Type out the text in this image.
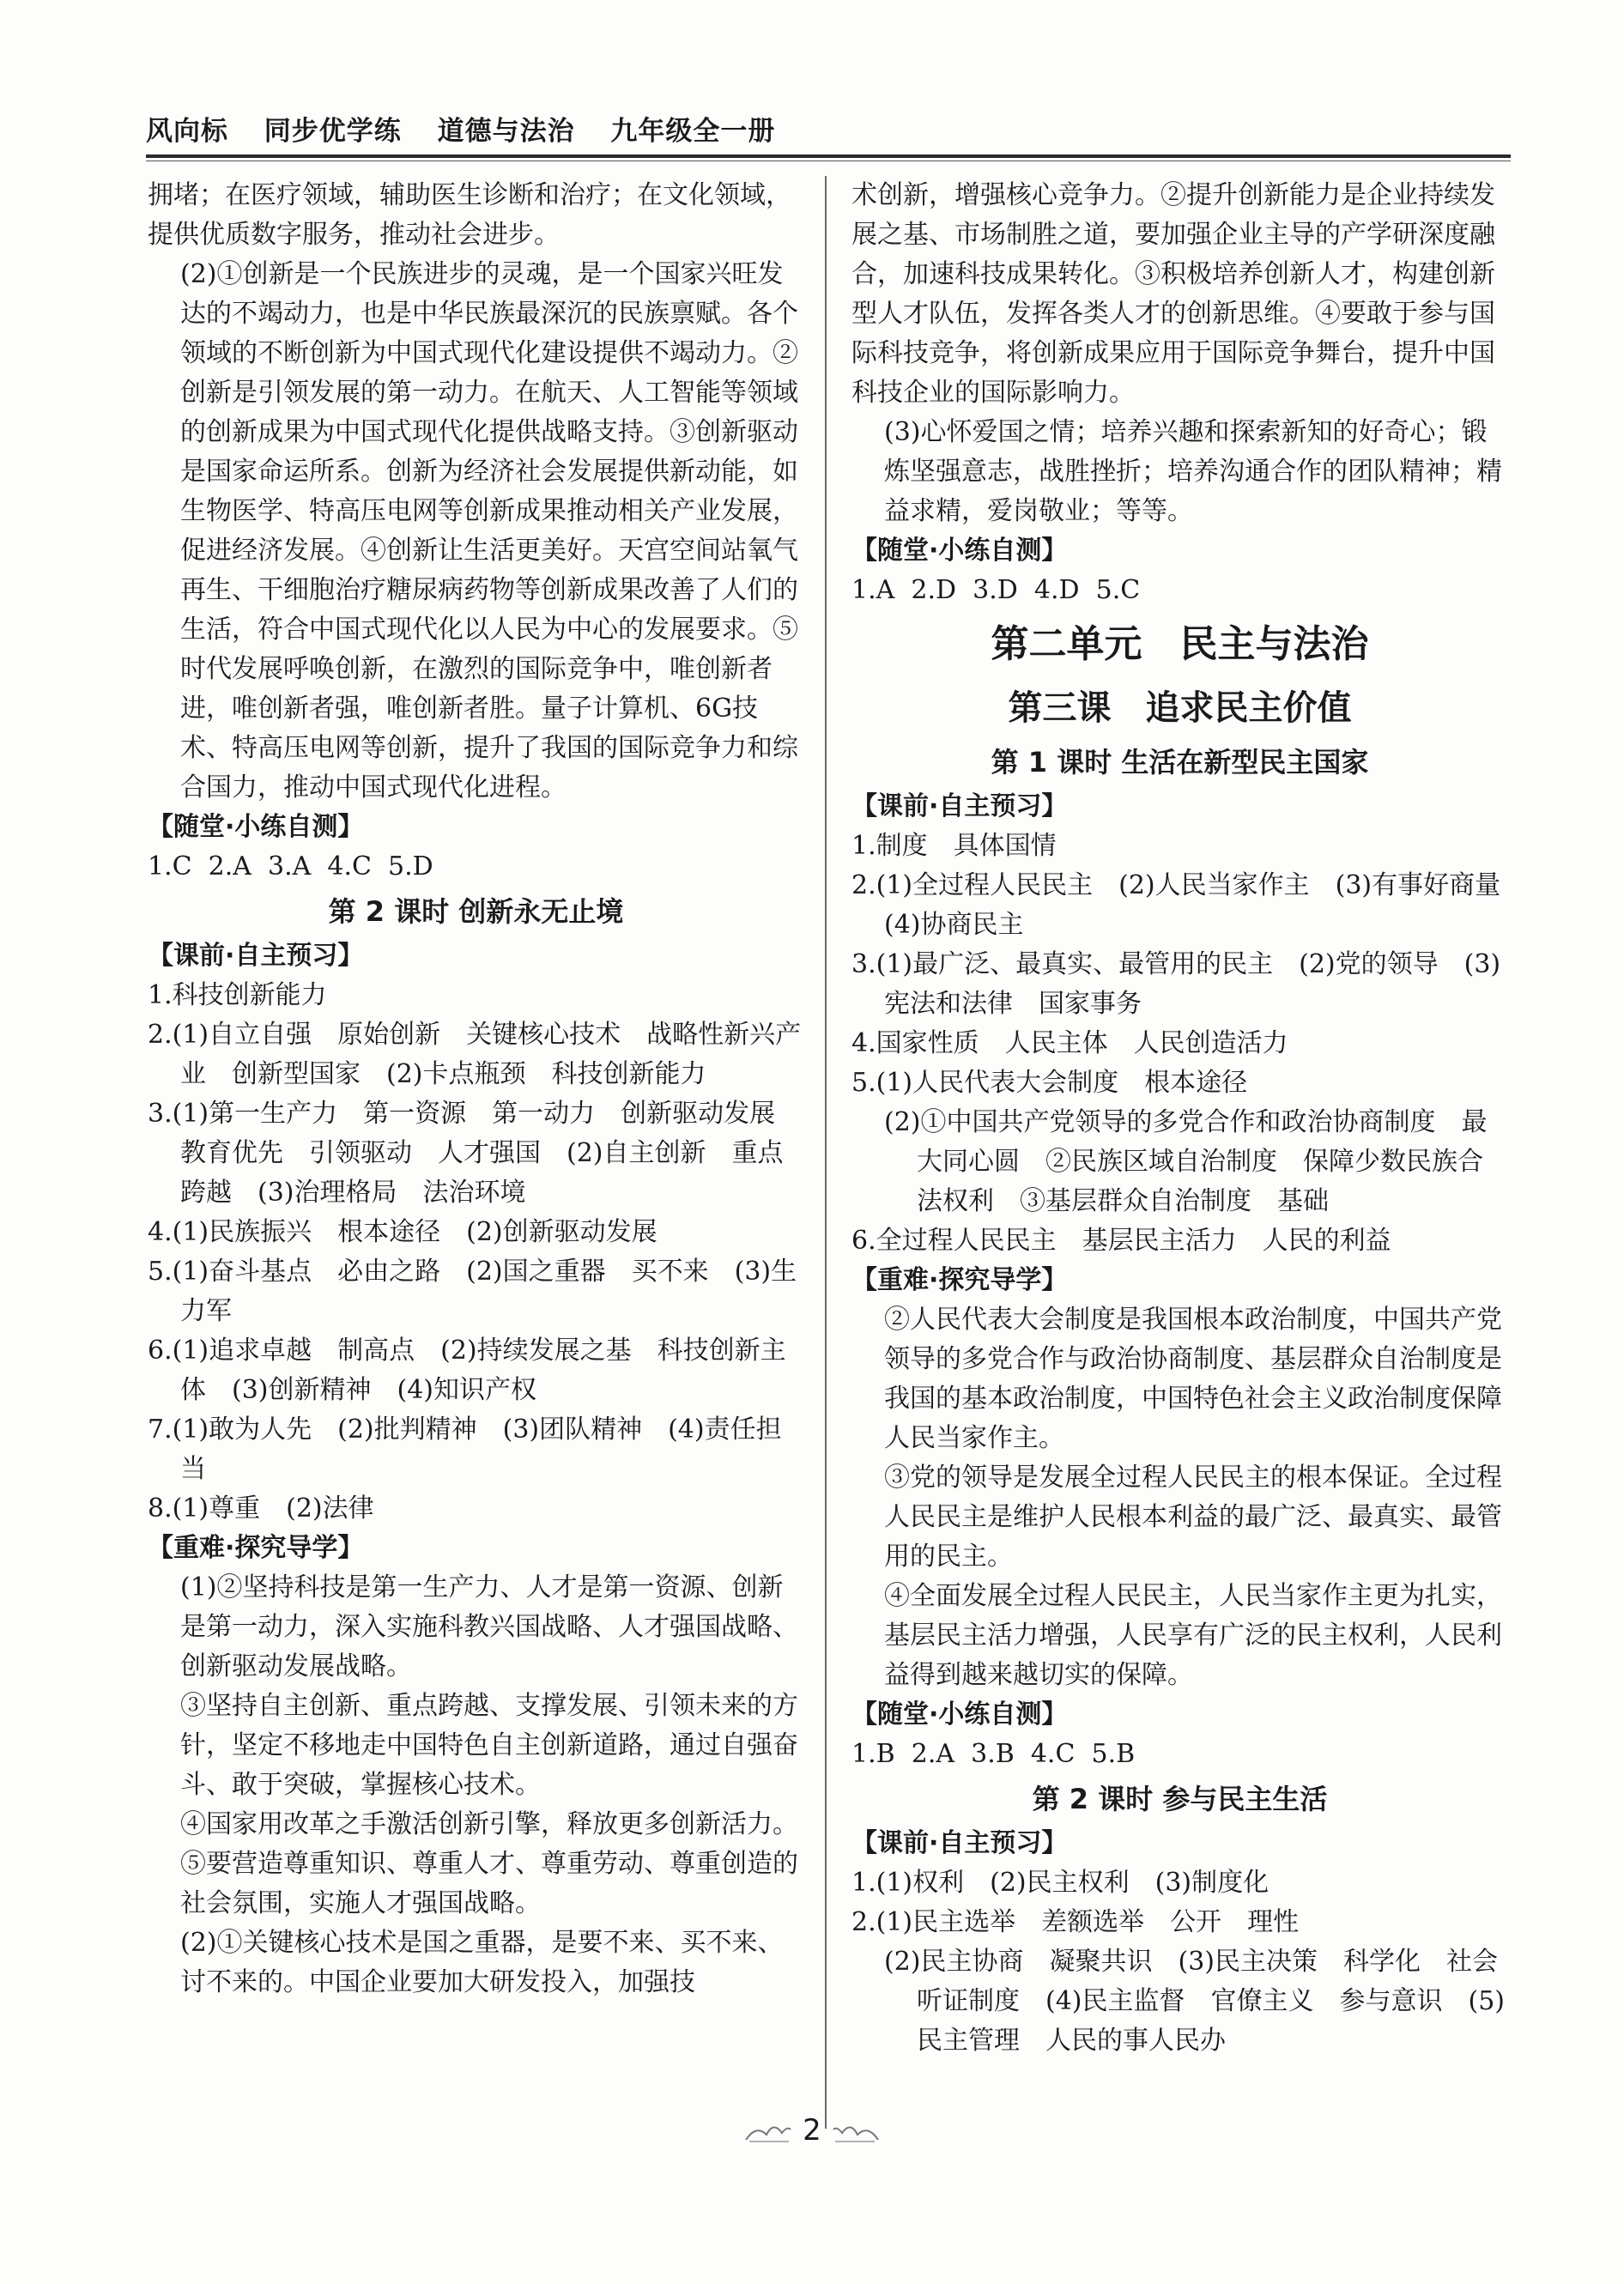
风向标 同步优学练 道德与法治 九年级全一册

拥堵；在医疗领域，辅助医生诊断和治疗；在文化领域，提供优质数字服务，推动社会进步。

(2)①创新是一个民族进步的灵魂，是一个国家兴旺发达的不竭动力，也是中华民族最深沉的民族禀赋。各个领域的不断创新为中国式现代化建设提供不竭动力。②创新是引领发展的第一动力。在航天、人工智能等领域的创新成果为中国式现代化提供战略支持。③创新驱动是国家命运所系。创新为经济社会发展提供新动能，如生物医学、特高压电网等创新成果推动相关产业发展，促进经济发展。④创新让生活更美好。天宫空间站氧气再生、干细胞治疗糖尿病药物等创新成果改善了人们的生活，符合中国式现代化以人民为中心的发展要求。⑤时代发展呼唤创新，在激烈的国际竞争中，唯创新者进，唯创新者强，唯创新者胜。量子计算机、6G技术、特高压电网等创新，提升了我国的国际竞争力和综合国力，推动中国式现代化进程。

【随堂·小练自测】

1.C  2.A  3.A  4.C  5.D

第 2 课时 创新永无止境

【课前·自主预习】

1.科技创新能力

2.(1)自立自强　原始创新　关键核心技术　战略性新兴产业　创新型国家　(2)卡点瓶颈　科技创新能力

3.(1)第一生产力　第一资源　第一动力　创新驱动发展　教育优先　引领驱动　人才强国　(2)自主创新　重点跨越　(3)治理格局　法治环境

4.(1)民族振兴　根本途径　(2)创新驱动发展

5.(1)奋斗基点　必由之路　(2)国之重器　买不来　(3)生力军

6.(1)追求卓越　制高点　(2)持续发展之基　科技创新主体　(3)创新精神　(4)知识产权

7.(1)敢为人先　(2)批判精神　(3)团队精神　(4)责任担当

8.(1)尊重　(2)法律

【重难·探究导学】

(1)②坚持科技是第一生产力、人才是第一资源、创新是第一动力，深入实施科教兴国战略、人才强国战略、创新驱动发展战略。

③坚持自主创新、重点跨越、支撑发展、引领未来的方针，坚定不移地走中国特色自主创新道路，通过自强奋斗、敢于突破，掌握核心技术。

④国家用改革之手激活创新引擎，释放更多创新活力。

⑤要营造尊重知识、尊重人才、尊重劳动、尊重创造的社会氛围，实施人才强国战略。

(2)①关键核心技术是国之重器，是要不来、买不来、讨不来的。中国企业要加大研发投入，加强技

术创新，增强核心竞争力。②提升创新能力是企业持续发展之基、市场制胜之道，要加强企业主导的产学研深度融合，加速科技成果转化。③积极培养创新人才，构建创新型人才队伍，发挥各类人才的创新思维。④要敢于参与国际科技竞争，将创新成果应用于国际竞争舞台，提升中国科技企业的国际影响力。

(3)心怀爱国之情；培养兴趣和探索新知的好奇心；锻炼坚强意志，战胜挫折；培养沟通合作的团队精神；精益求精，爱岗敬业；等等。

【随堂·小练自测】

1.A  2.D  3.D  4.D  5.C

第二单元　民主与法治

第三课　追求民主价值

第 1 课时 生活在新型民主国家

【课前·自主预习】

1.制度　具体国情

2.(1)全过程人民民主　(2)人民当家作主　(3)有事好商量　(4)协商民主

3.(1)最广泛、最真实、最管用的民主　(2)党的领导　(3)宪法和法律　国家事务

4.国家性质　人民主体　人民创造活力

5.(1)人民代表大会制度　根本途径

(2)①中国共产党领导的多党合作和政治协商制度　最大同心圆　②民族区域自治制度　保障少数民族合法权利　③基层群众自治制度　基础

6.全过程人民民主　基层民主活力　人民的利益

【重难·探究导学】

②人民代表大会制度是我国根本政治制度，中国共产党领导的多党合作与政治协商制度、基层群众自治制度是我国的基本政治制度，中国特色社会主义政治制度保障人民当家作主。

③党的领导是发展全过程人民民主的根本保证。全过程人民民主是维护人民根本利益的最广泛、最真实、最管用的民主。

④全面发展全过程人民民主，人民当家作主更为扎实，基层民主活力增强，人民享有广泛的民主权利，人民利益得到越来越切实的保障。

【随堂·小练自测】

1.B  2.A  3.B  4.C  5.B

第 2 课时 参与民主生活

【课前·自主预习】

1.(1)权利　(2)民主权利　(3)制度化

2.(1)民主选举　差额选举　公开　理性

(2)民主协商　凝聚共识　(3)民主决策　科学化　社会听证制度　(4)民主监督　官僚主义　参与意识　(5)民主管理　人民的事人民办

2
